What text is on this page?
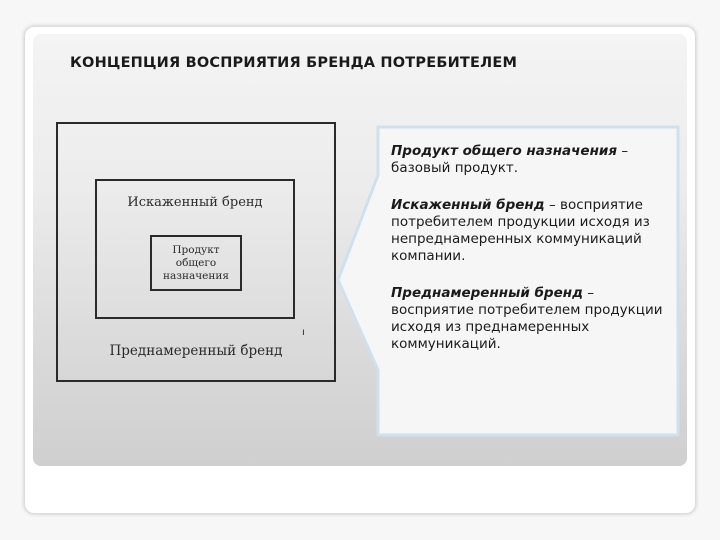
КОНЦЕПЦИЯ ВОСПРИЯТИЯ БРЕНДА ПОТРЕБИТЕЛЕМ
Продукт
общего
назначения
Искаженный бренд
Преднамеренный бренд
ı
Продукт общего назначения – базовый продукт.
Искаженный бренд – восприятие потребителем продукции исходя из непреднамеренных коммуникаций компании.
Преднамеренный бренд – восприятие потребителем продукции исходя из преднамеренных коммуникаций.
